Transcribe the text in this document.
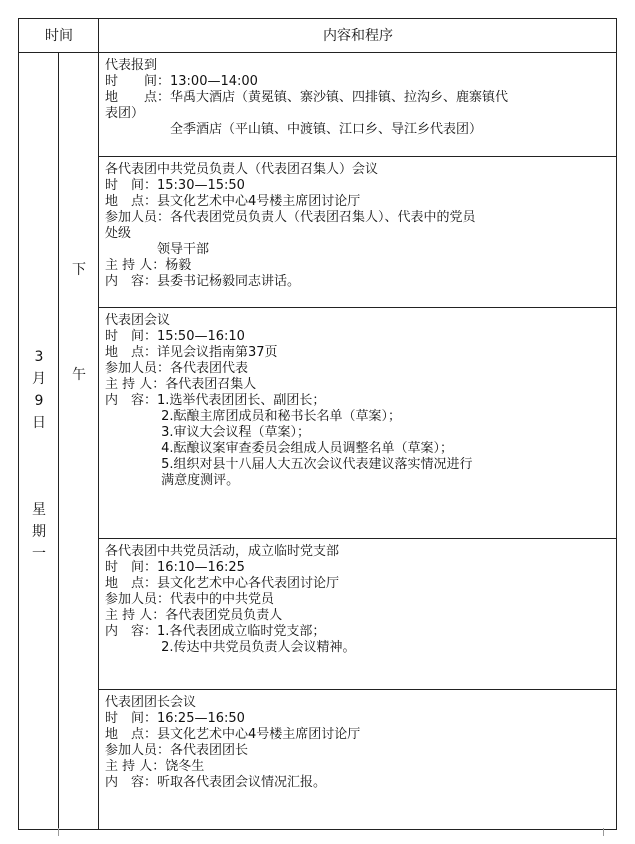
时间	内容和程序
3
月
9
日
星
期
一
下
午
代表报到
时　　间：13:00—14:00
地　　点：华禹大酒店（黄冕镇、寨沙镇、四排镇、拉沟乡、鹿寨镇代
表团）
　　　　　全季酒店（平山镇、中渡镇、江口乡、导江乡代表团）
各代表团中共党员负责人（代表团召集人）会议
时　间：15:30—15:50
地　点：县文化艺术中心4号楼主席团讨论厅
参加人员：各代表团党员负责人（代表团召集人）、代表中的党员
处级
　　　　领导干部
主 持 人：杨毅
内　容：县委书记杨毅同志讲话。
代表团会议
时　间：15:50—16:10
地　点：详见会议指南第37页
参加人员：各代表团代表
主 持 人：各代表团召集人
内　容：1.选举代表团团长、副团长；
　　　　 2.酝酿主席团成员和秘书长名单（草案）；
　　　　 3.审议大会议程（草案）；
　　　　 4.酝酿议案审查委员会组成人员调整名单（草案）；
　　　　 5.组织对县十八届人大五次会议代表建议落实情况进行
　　　　 满意度测评。
各代表团中共党员活动，成立临时党支部
时　间：16:10—16:25
地　点：县文化艺术中心各代表团讨论厅
参加人员：代表中的中共党员
主 持 人：各代表团党员负责人
内　容：1.各代表团成立临时党支部；
　　　　 2.传达中共党员负责人会议精神。
代表团团长会议
时　间：16:25—16:50
地　点：县文化艺术中心4号楼主席团讨论厅
参加人员：各代表团团长
主 持 人：饶冬生
内　容：听取各代表团会议情况汇报。
